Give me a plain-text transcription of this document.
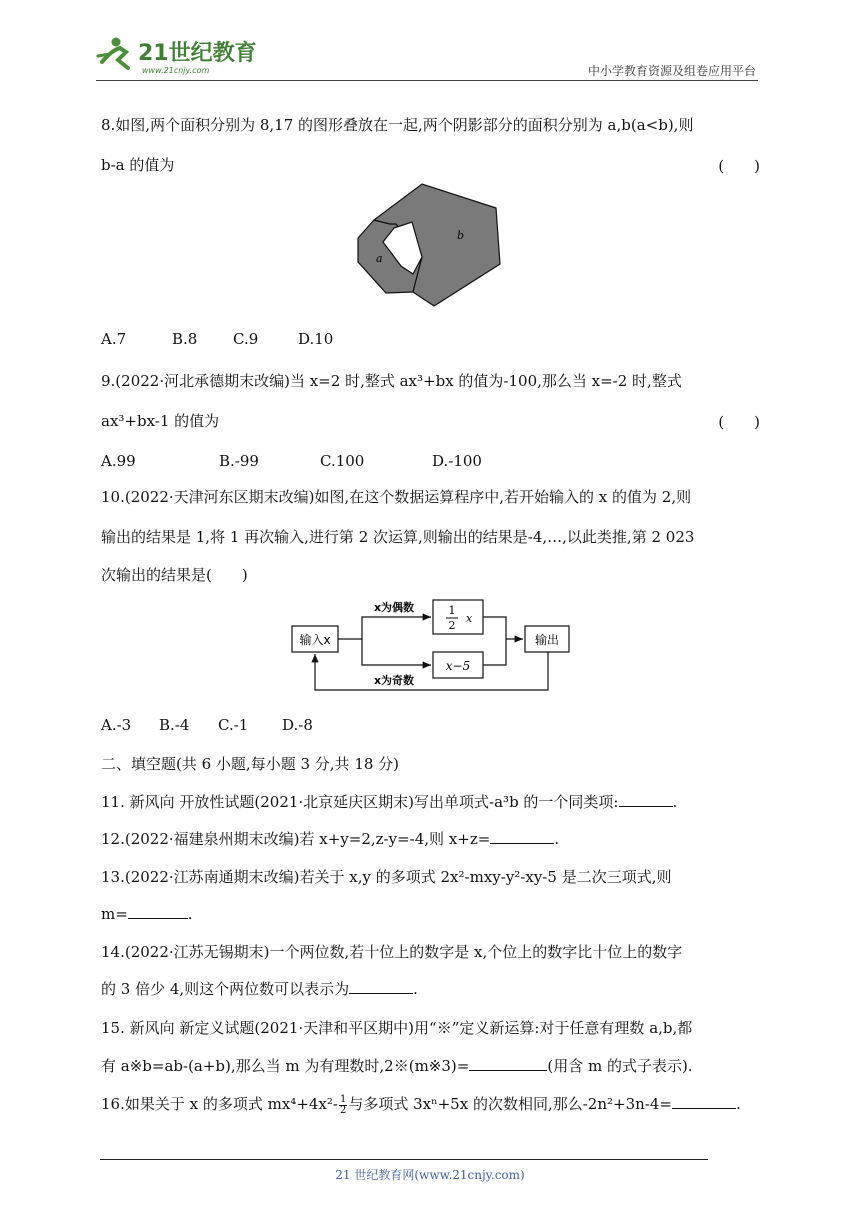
21世纪教育
www.21cnjy.com	中小学教育资源及组卷应用平台
8.如图,两个面积分别为 8,17 的图形叠放在一起,两个阴影部分的面积分别为 a,b(a<b),则
b-a 的值为	(　　)
a
b
A.7	B.8 C.9	D.10
9.(2022·河北承德期末改编)当 x=2 时,整式 ax³+bx 的值为-100,那么当 x=-2 时,整式
ax³+bx-1 的值为	(　　)
A.99	B.-99	C.100	D.-100
10.(2022·天津河东区期末改编)如图,在这个数据运算程序中,若开始输入的 x 的值为 2,则
输出的结果是 1,将 1 再次输入,进行第 2 次运算,则输出的结果是-4,…,以此类推,第 2 023
次输出的结果是(　　)
输入x
1
2
x
x−5
输出
x为偶数
x为奇数
A.-3 B.-4 C.-1 D.-8
二、填空题(共 6 小题,每小题 3 分,共 18 分)
11. 新风向 开放性试题(2021·北京延庆区期末)写出单项式-a³b 的一个同类项:	.
12.(2022·福建泉州期末改编)若 x+y=2,z-y=-4,则 x+z=	.
13.(2022·江苏南通期末改编)若关于 x,y 的多项式 2x²-mxy-y²-xy-5 是二次三项式,则
m=	.
14.(2022·江苏无锡期末)一个两位数,若十位上的数字是 x,个位上的数字比十位上的数字
的 3 倍少 4,则这个两位数可以表示为	.
15. 新风向 新定义试题(2021·天津和平区期中)用“※”定义新运算:对于任意有理数 a,b,都
有 a※b=ab-(a+b),那么当 m 为有理数时,2※(m※3)=	(用含 m 的式子表示).
16.如果关于 x 的多项式 $mx^4+4x^2- \frac{1}{2}$ 与多项式 3xⁿ+5x 的次数相同,那么-2n²+3n-4=	.
21 世纪教育网(www.21cnjy.com)
